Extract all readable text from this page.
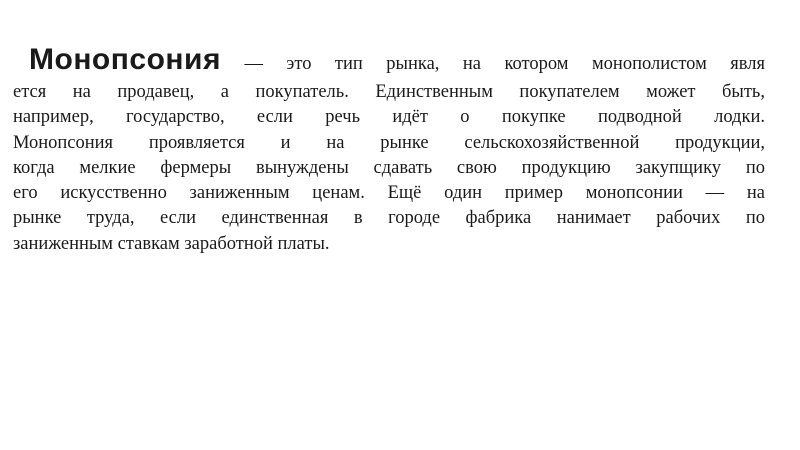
Монопсония — это тип рынка, на котором монополистом явля
ется на продавец, а покупатель. Единственным покупателем может быть,
например, государство, если речь идёт о покупке подводной лодки.
Монопсония проявляется и на рынке сельскохозяйственной продукции,
когда мелкие фермеры вынуждены сдавать свою продукцию закупщику по
его искусственно заниженным ценам. Ещё один пример монопсонии — на
рынке труда, если единственная в городе фабрика нанимает рабочих по
заниженным ставкам заработной платы.
